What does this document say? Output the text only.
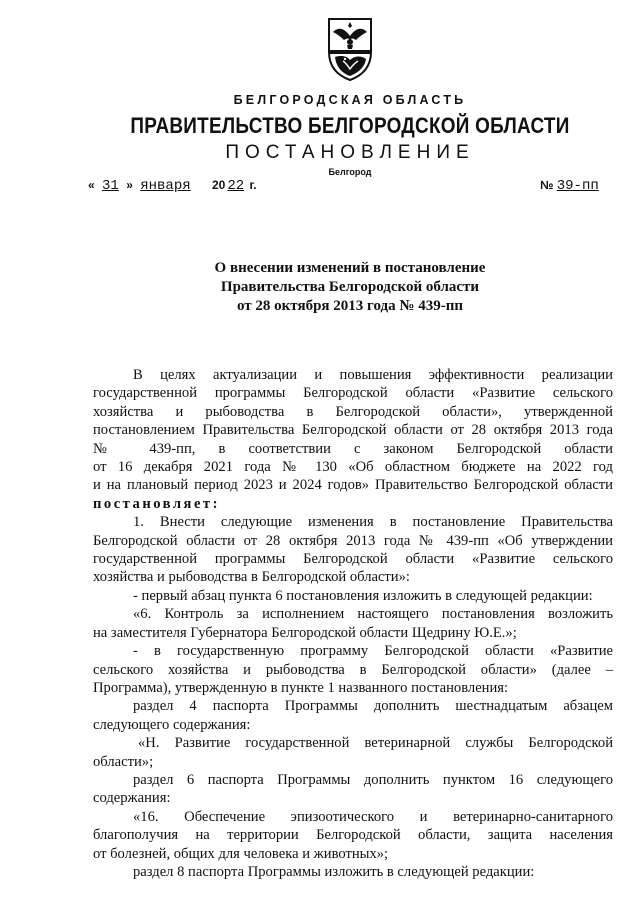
БЕЛГОРОДСКАЯ ОБЛАСТЬ
ПРАВИТЕЛЬСТВО БЕЛГОРОДСКОЙ ОБЛАСТИ
ПОСТАНОВЛЕНИЕ
Белгород
« 31 » января 20 22 г.	№ 39-пп
О внесении изменений в постановление
Правительства Белгородской области
от 28 октября 2013 года № 439-пп

В целях актуализации и повышения эффективности реализации

государственной программы Белгородской области «Развитие сельского

хозяйства и рыбоводства в Белгородской области», утвержденной

постановлением Правительства Белгородской области от 28 октября 2013 года

№ 439-пп, в соответствии с законом Белгородской области

от 16 декабря 2021 года № 130 «Об областном бюджете на 2022 год

и на плановый период 2023 и 2024 годов» Правительство Белгородской области

постановляет:

1. Внести следующие изменения в постановление Правительства

Белгородской области от 28 октября 2013 года № 439-пп «Об утверждении

государственной программы Белгородской области «Развитие сельского

хозяйства и рыбоводства в Белгородской области»:

- первый абзац пункта 6 постановления изложить в следующей редакции:

«6. Контроль за исполнением настоящего постановления возложить

на заместителя Губернатора Белгородской области Щедрину Ю.Е.»;

- в государственную программу Белгородской области «Развитие

сельского хозяйства и рыбоводства в Белгородской области» (далее –

Программа), утвержденную в пункте 1 названного постановления:

раздел 4 паспорта Программы дополнить шестнадцатым абзацем

следующего содержания:

«Н. Развитие государственной ветеринарной службы Белгородской

области»;

раздел 6 паспорта Программы дополнить пунктом 16 следующего

содержания:

«16. Обеспечение эпизоотического и ветеринарно-санитарного

благополучия на территории Белгородской области, защита населения

от болезней, общих для человека и животных»;

раздел 8 паспорта Программы изложить в следующей редакции:
